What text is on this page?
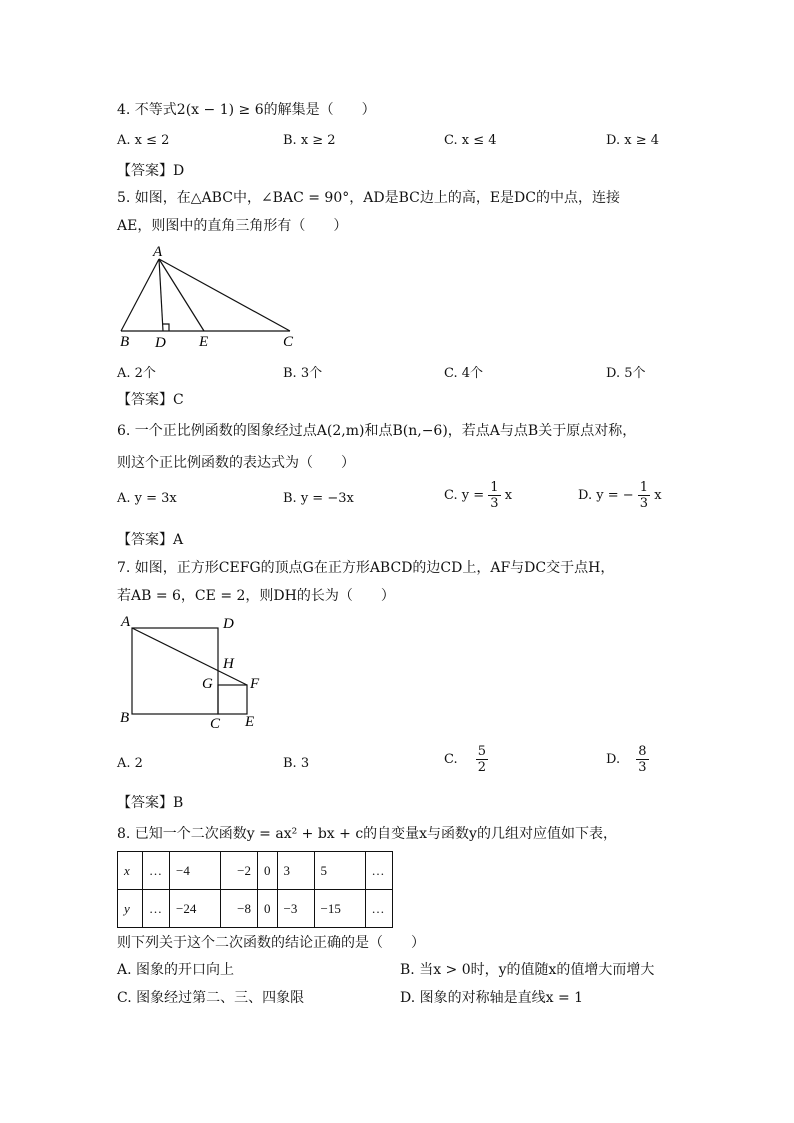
4. 不等式2(x − 1) ≥ 6的解集是（　　）
A. x ≤ 2	B. x ≥ 2	C. x ≤ 4	D. x ≥ 4
【答案】D
5. 如图，在△ABC中，∠BAC = 90°，AD是BC边上的高，E是DC的中点，连接
AE，则图中的直角三角形有（　　）
A
B D E	C
A. 2个	B. 3个	C. 4个	D. 5个
【答案】C
6. 一个正比例函数的图象经过点A(2,m)和点B(n,−6)，若点A与点B关于原点对称，
则这个正比例函数的表达式为（　　）
A. y = 3x	B. y = −3x	C. $y = \frac{1}{3}$ x	D. y = − $\frac{1}{3}$ x
【答案】A
7. 如图，正方形CEFG的顶点G在正方形ABCD的边CD上，AF与DC交于点H，
若AB = 6，CE = 2，则DH的长为（　　）
A	D
H
G F
B	C E
A. 2	B. 3	C. $\frac{5}{2}$	D. $\frac{8}{3}$
【答案】B
8. 已知一个二次函数y = ax² + bx + c的自变量x与函数y的几组对应值如下表，
x	…	−4	−2	0	3	5	…
y	…	−24	−8	0	−3	−15	…
则下列关于这个二次函数的结论正确的是（　　）
A. 图象的开口向上	B. 当x > 0时，y的值随x的值增大而增大
C. 图象经过第二、三、四象限	D. 图象的对称轴是直线x = 1
